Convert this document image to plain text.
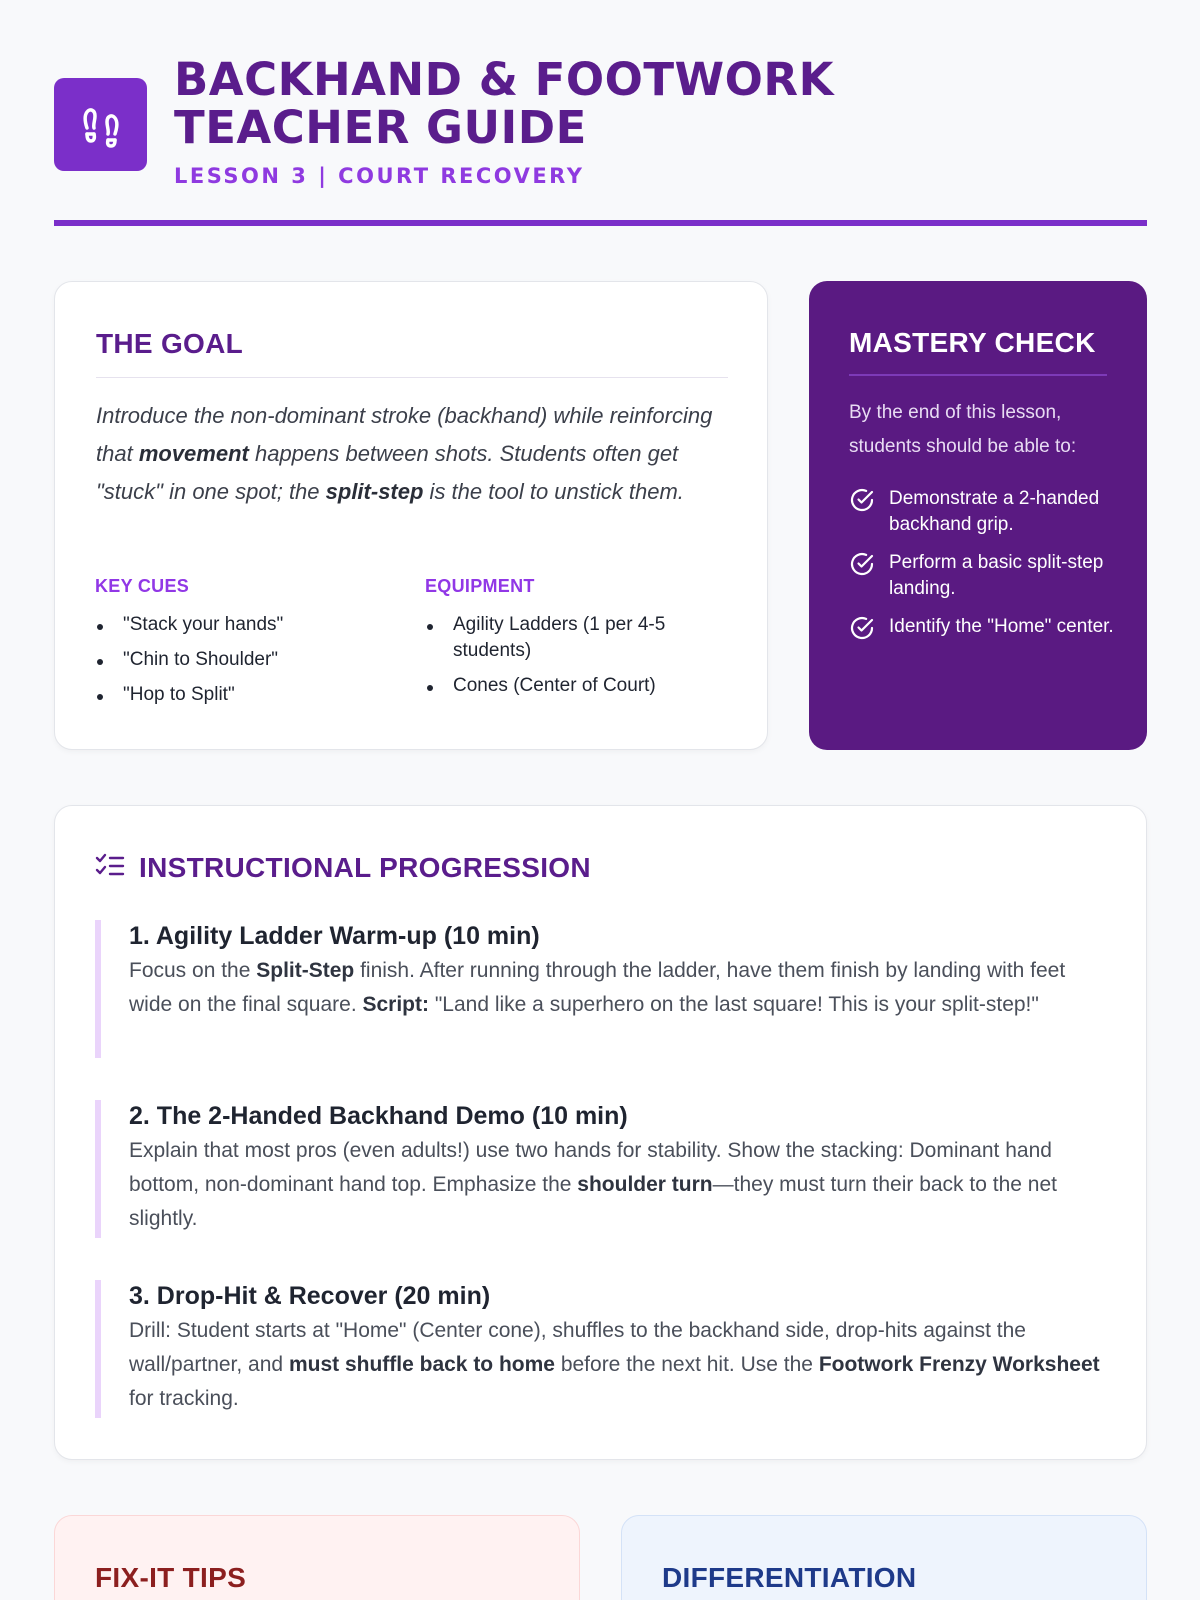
BACKHAND & FOOTWORK
TEACHER GUIDE
LESSON 3 | COURT RECOVERY
THE GOAL
Introduce the non-dominant stroke (backhand) while reinforcing that movement happens between shots. Students often get "stuck" in one spot; the split-step is the tool to unstick them.
KEY CUES
"Stack your hands"
"Chin to Shoulder"
"Hop to Split"
EQUIPMENT
Agility Ladders (1 per 4-5 students)
Cones (Center of Court)
MASTERY CHECK
By the end of this lesson, students should be able to:
Demonstrate a 2-handed backhand grip.
Perform a basic split-step landing.
Identify the "Home" center.
INSTRUCTIONAL PROGRESSION
1. Agility Ladder Warm-up (10 min)
Focus on the Split-Step finish. After running through the ladder, have them finish by landing with feet wide on the final square. Script: "Land like a superhero on the last square! This is your split-step!"
2. The 2-Handed Backhand Demo (10 min)
Explain that most pros (even adults!) use two hands for stability. Show the stacking: Dominant hand bottom, non-dominant hand top. Emphasize the shoulder turn—they must turn their back to the net slightly.
3. Drop-Hit & Recover (20 min)
Drill: Student starts at "Home" (Center cone), shuffles to the backhand side, drop-hits against the wall/partner, and must shuffle back to home before the next hit. Use the Footwork Frenzy Worksheet for tracking.
FIX-IT TIPS	DIFFERENTIATION
